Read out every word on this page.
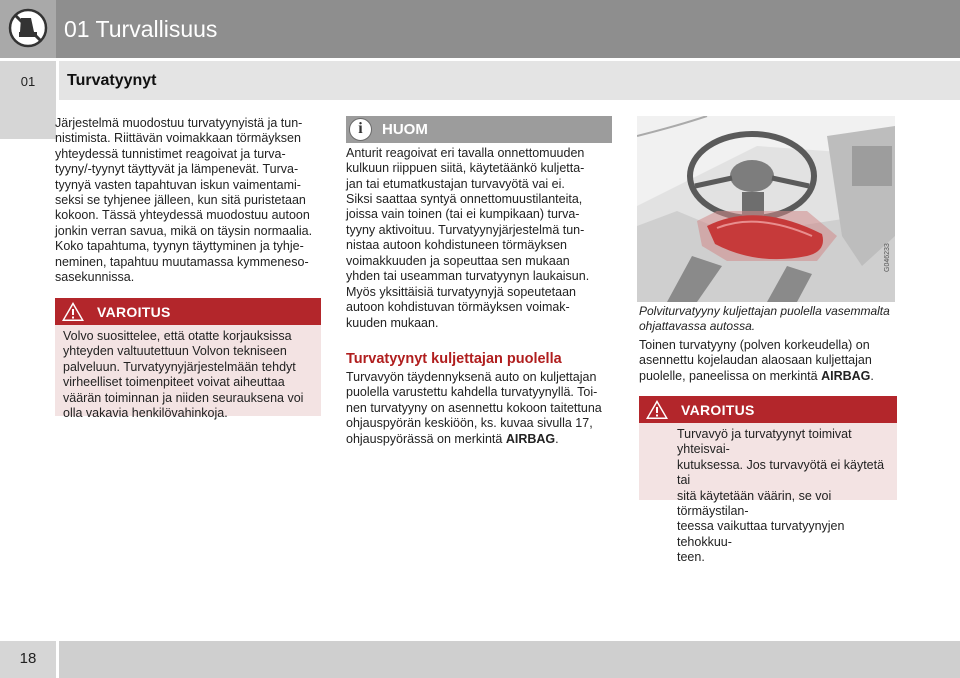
01 Turvallisuus
01	Turvatyynyt
Järjestelmä muodostuu turvatyynyistä ja tun-
nistimista. Riittävän voimakkaan törmäyksen
yhteydessä tunnistimet reagoivat ja turva-
tyyny/-tyynyt täyttyvät ja lämpenevät. Turva-
tyynyä vasten tapahtuvan iskun vaimentami-
seksi se tyhjenee jälleen, kun sitä puristetaan
kokoon. Tässä yhteydessä muodostuu autoon
jonkin verran savua, mikä on täysin normaalia.
Koko tapahtuma, tyynyn täyttyminen ja tyhje-
neminen, tapahtuu muutamassa kymmeneso-
sasekunnissa.
VAROITUS
Volvo suosittelee, että otatte korjauksissa
yhteyden valtuutettuun Volvon tekniseen
palveluun. Turvatyynyjärjestelmään tehdyt
virheelliset toimenpiteet voivat aiheuttaa
väärän toiminnan ja niiden seurauksena voi
olla vakavia henkilövahinkoja.
i	HUOM
Anturit reagoivat eri tavalla onnettomuuden
kulkuun riippuen siitä, käytetäänkö kuljetta-
jan tai etumatkustajan turvavyötä vai ei.
Siksi saattaa syntyä onnettomuustilanteita,
joissa vain toinen (tai ei kumpikaan) turva-
tyyny aktivoituu. Turvatyynyjärjestelmä tun-
nistaa autoon kohdistuneen törmäyksen
voimakkuuden ja sopeuttaa sen mukaan
yhden tai useamman turvatyynyn laukaisun.
Myös yksittäisiä turvatyynyjä sopeutetaan
autoon kohdistuvan törmäyksen voimak-
kuuden mukaan.
Turvatyynyt kuljettajan puolella
Turvavyön täydennyksenä auto on kuljettajan
puolella varustettu kahdella turvatyynyllä. Toi-
nen turvatyyny on asennettu kokoon taitettuna
ohjauspyörän keskiöön, ks. kuvaa sivulla 17,
ohjauspyörässä on merkintä AIRBAG.
G046233
Polviturvatyyny kuljettajan puolella vasemmalta
ohjattavassa autossa.
Toinen turvatyyny (polven korkeudella) on
asennettu kojelaudan alaosaan kuljettajan
puolelle, paneelissa on merkintä AIRBAG.
VAROITUS
Turvavyö ja turvatyynyt toimivat yhteisvai-
kutuksessa. Jos turvavyötä ei käytetä tai
sitä käytetään väärin, se voi törmäystilan-
teessa vaikuttaa turvatyynyjen tehokkuu-
teen.
18
